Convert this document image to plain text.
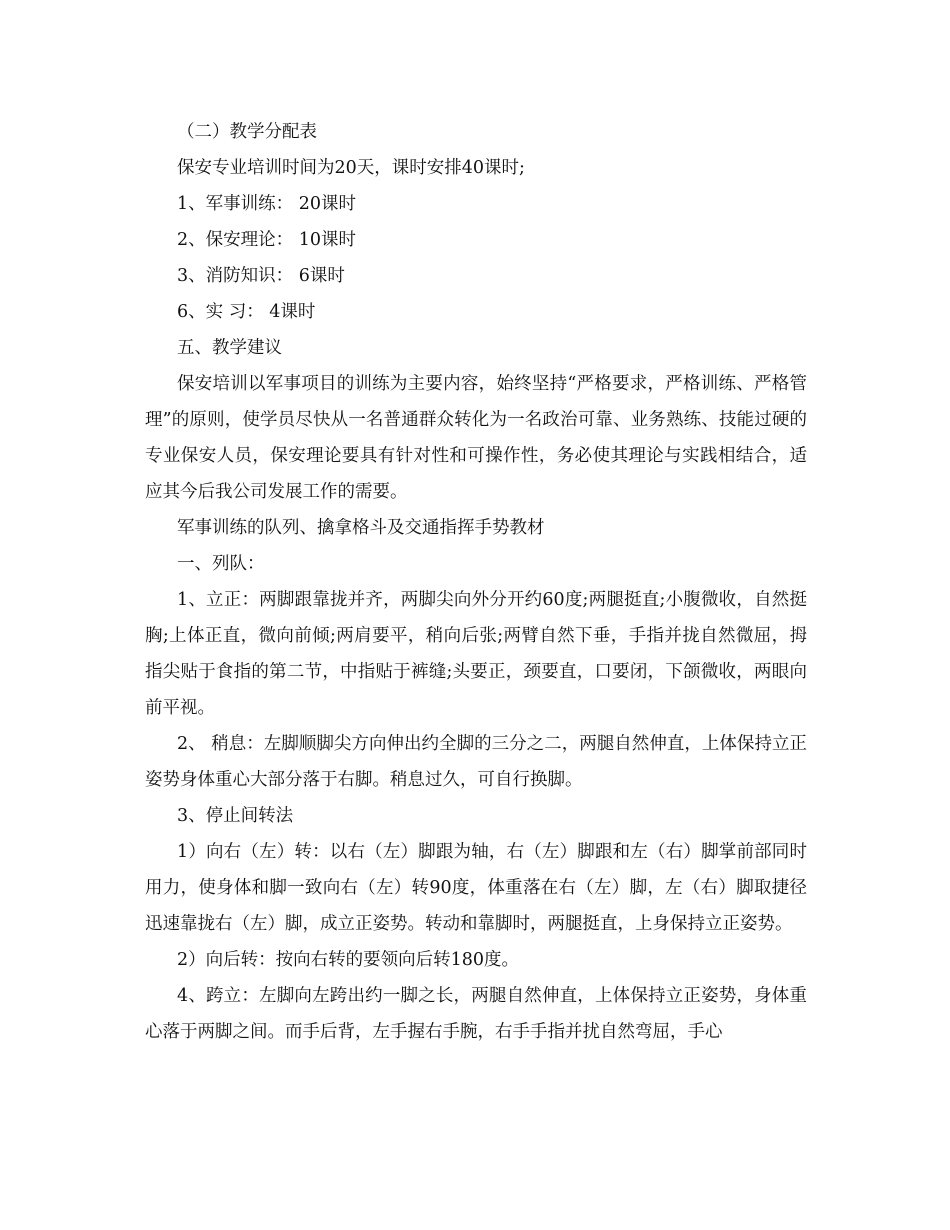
（二）教学分配表

保安专业培训时间为20天，课时安排40课时;

1、军事训练： 20课时

2、保安理论： 10课时

3、消防知识： 6课时

6、实 习： 4课时

五、教学建议

保安培训以军事项目的训练为主要内容，始终坚持“严格要求，严格训练、严格管理”的原则，使学员尽快从一名普通群众转化为一名政治可靠、业务熟练、技能过硬的专业保安人员，保安理论要具有针对性和可操作性，务必使其理论与实践相结合，适应其今后我公司发展工作的需要。

军事训练的队列、擒拿格斗及交通指挥手势教材

一、列队：

1、立正：两脚跟靠拢并齐，两脚尖向外分开约60度;两腿挺直;小腹微收，自然挺胸;上体正直，微向前倾;两肩要平，稍向后张;两臂自然下垂，手指并拢自然微屈，拇指尖贴于食指的第二节，中指贴于裤缝;头要正，颈要直，口要闭，下颌微收，两眼向前平视。

2、 稍息：左脚顺脚尖方向伸出约全脚的三分之二，两腿自然伸直，上体保持立正姿势身体重心大部分落于右脚。稍息过久，可自行换脚。

3、停止间转法

1）向右（左）转：以右（左）脚跟为轴，右（左）脚跟和左（右）脚掌前部同时用力，使身体和脚一致向右（左）转90度，体重落在右（左）脚，左（右）脚取捷径迅速靠拢右（左）脚，成立正姿势。转动和靠脚时，两腿挺直，上身保持立正姿势。

2）向后转：按向右转的要领向后转180度。

4、跨立：左脚向左跨出约一脚之长，两腿自然伸直，上体保持立正姿势，身体重心落于两脚之间。而手后背，左手握右手腕，右手手指并扰自然弯屈，手心
